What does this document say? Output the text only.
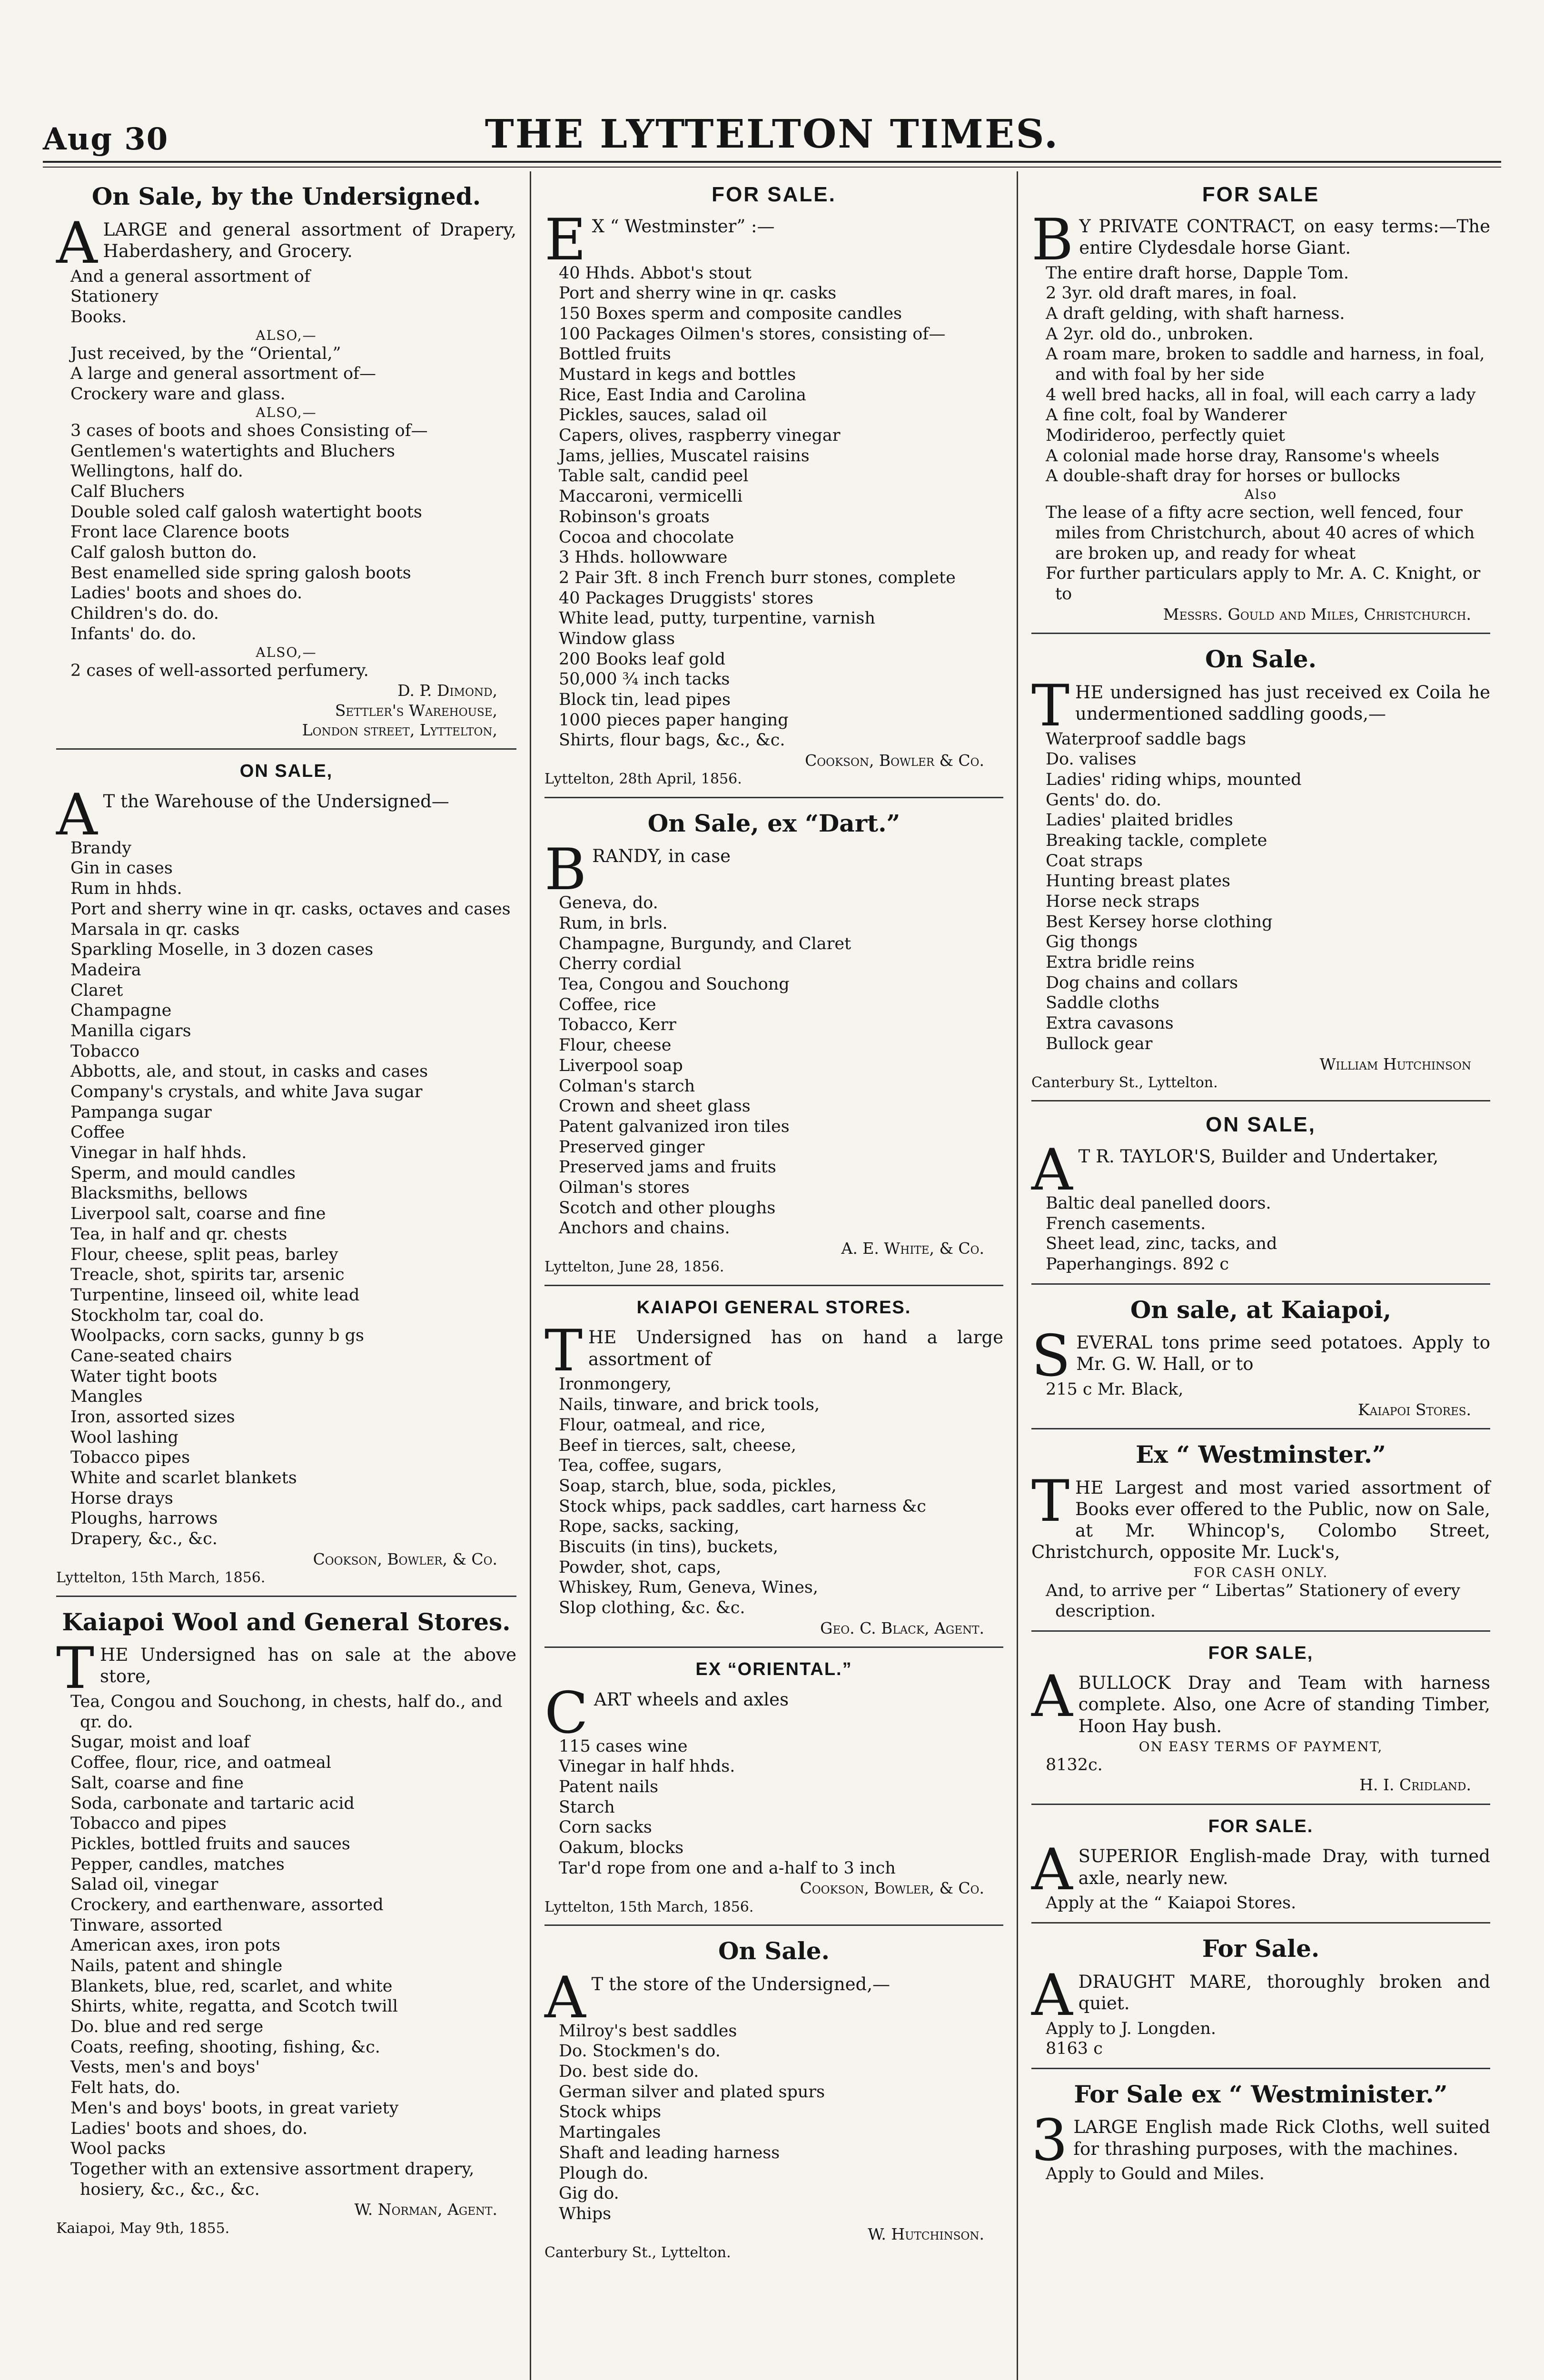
Aug 30	THE LYTTELTON TIMES.
On Sale, by the Undersigned.
ALARGE and general assortment of Drapery, Haberdashery, and Grocery.
And a general assortment of
Stationery
Books.
ALSO,—
Just received, by the “Oriental,”
A large and general assortment of—
Crockery ware and glass.
ALSO,—
3 cases of boots and shoes Consisting of—
Gentlemen's watertights and Bluchers
Wellingtons, half do.
Calf Bluchers
Double soled calf galosh watertight boots
Front lace Clarence boots
Calf galosh button do.
Best enamelled side spring galosh boots
Ladies' boots and shoes do.
Children's do. do.
Infants' do. do.
ALSO,—
2 cases of well-assorted perfumery.
D. P. Dimond,
Settler's Warehouse,
London street, Lyttelton,
ON SALE,
A T the Warehouse of the Undersigned—
Brandy
Gin in cases
Rum in hhds.
Port and sherry wine in qr. casks, octaves and cases
Marsala in qr. casks
Sparkling Moselle, in 3 dozen cases
Madeira
Claret
Champagne
Manilla cigars
Tobacco
Abbotts, ale, and stout, in casks and cases
Company's crystals, and white Java sugar
Pampanga sugar
Coffee
Vinegar in half hhds.
Sperm, and mould candles
Blacksmiths, bellows
Liverpool salt, coarse and fine
Tea, in half and qr. chests
Flour, cheese, split peas, barley
Treacle, shot, spirits tar, arsenic
Turpentine, linseed oil, white lead
Stockholm tar, coal do.
Woolpacks, corn sacks, gunny b gs
Cane-seated chairs
Water tight boots
Mangles
Iron, assorted sizes
Wool lashing
Tobacco pipes
White and scarlet blankets
Horse drays
Ploughs, harrows
Drapery, &c., &c.
Cookson, Bowler, & Co.
Lyttelton, 15th March, 1856.
Kaiapoi Wool and General Stores.
THE Undersigned has on sale at the above store,
Tea, Congou and Souchong, in chests, half do., and qr. do.
Sugar, moist and loaf
Coffee, flour, rice, and oatmeal
Salt, coarse and fine
Soda, carbonate and tartaric acid
Tobacco and pipes
Pickles, bottled fruits and sauces
Pepper, candles, matches
Salad oil, vinegar
Crockery, and earthenware, assorted
Tinware, assorted
American axes, iron pots
Nails, patent and shingle
Blankets, blue, red, scarlet, and white
Shirts, white, regatta, and Scotch twill
Do. blue and red serge
Coats, reefing, shooting, fishing, &c.
Vests, men's and boys'
Felt hats, do.
Men's and boys' boots, in great variety
Ladies' boots and shoes, do.
Wool packs
Together with an extensive assortment drapery, hosiery, &c., &c., &c.
W. Norman, Agent.
Kaiapoi, May 9th, 1855.
FOR SALE.
E X “ Westminster” :—
40 Hhds. Abbot's stout
Port and sherry wine in qr. casks
150 Boxes sperm and composite candles
100 Packages Oilmen's stores, consisting of—
Bottled fruits
Mustard in kegs and bottles
Rice, East India and Carolina
Pickles, sauces, salad oil
Capers, olives, raspberry vinegar
Jams, jellies, Muscatel raisins
Table salt, candid peel
Maccaroni, vermicelli
Robinson's groats
Cocoa and chocolate
3 Hhds. hollowware
2 Pair 3ft. 8 inch French burr stones, complete
40 Packages Druggists' stores
White lead, putty, turpentine, varnish
Window glass
200 Books leaf gold
50,000 ¾ inch tacks
Block tin, lead pipes
1000 pieces paper hanging
Shirts, flour bags, &c., &c.
Cookson, Bowler & Co.
Lyttelton, 28th April, 1856.
On Sale, ex “Dart.”
BRANDY, in case
Geneva, do.
Rum, in brls.
Champagne, Burgundy, and Claret
Cherry cordial
Tea, Congou and Souchong
Coffee, rice
Tobacco, Kerr
Flour, cheese
Liverpool soap
Colman's starch
Crown and sheet glass
Patent galvanized iron tiles
Preserved ginger
Preserved jams and fruits
Oilman's stores
Scotch and other ploughs
Anchors and chains.
A. E. White, & Co.
Lyttelton, June 28, 1856.
KAIAPOI GENERAL STORES.
THE Undersigned has on hand a large assortment of
Ironmongery,
Nails, tinware, and brick tools,
Flour, oatmeal, and rice,
Beef in tierces, salt, cheese,
Tea, coffee, sugars,
Soap, starch, blue, soda, pickles,
Stock whips, pack saddles, cart harness &c
Rope, sacks, sacking,
Biscuits (in tins), buckets,
Powder, shot, caps,
Whiskey, Rum, Geneva, Wines,
Slop clothing, &c. &c.
Geo. C. Black, Agent.
EX “ORIENTAL.”
CART wheels and axles
115 cases wine
Vinegar in half hhds.
Patent nails
Starch
Corn sacks
Oakum, blocks
Tar'd rope from one and a-half to 3 inch
Cookson, Bowler, & Co.
Lyttelton, 15th March, 1856.
On Sale.
A T the store of the Undersigned,—
Milroy's best saddles
Do. Stockmen's do.
Do. best side do.
German silver and plated spurs
Stock whips
Martingales
Shaft and leading harness
Plough do.
Gig do.
Whips
W. Hutchinson.
Canterbury St., Lyttelton.
FOR SALE
B Y PRIVATE CONTRACT, on easy terms:—The entire Clydesdale horse Giant.
The entire draft horse, Dapple Tom.
2 3yr. old draft mares, in foal.
A draft gelding, with shaft harness.
A 2yr. old do., unbroken.
A roam mare, broken to saddle and harness, in foal, and with foal by her side
4 well bred hacks, all in foal, will each carry a lady
A fine colt, foal by Wanderer
Modirideroo, perfectly quiet
A colonial made horse dray, Ransome's wheels
A double-shaft dray for horses or bullocks
Also
The lease of a fifty acre section, well fenced, four miles from Christchurch, about 40 acres of which are broken up, and ready for wheat
For further particulars apply to Mr. A. C. Knight, or to
Messrs. Gould and Miles, Christchurch.
On Sale.
THE undersigned has just received ex Coila he undermentioned saddling goods,—
Waterproof saddle bags
Do. valises
Ladies' riding whips, mounted
Gents' do. do.
Ladies' plaited bridles
Breaking tackle, complete
Coat straps
Hunting breast plates
Horse neck straps
Best Kersey horse clothing
Gig thongs
Extra bridle reins
Dog chains and collars
Saddle cloths
Extra cavasons
Bullock gear
William Hutchinson
Canterbury St., Lyttelton.
ON SALE,
A T R. TAYLOR'S, Builder and Undertaker,
Baltic deal panelled doors.
French casements.
Sheet lead, zinc, tacks, and
Paperhangings. 892 c
On sale, at Kaiapoi,
SEVERAL tons prime seed potatoes. Apply to Mr. G. W. Hall, or to
215 c Mr. Black,
Kaiapoi Stores.
Ex “ Westminster.”
THE Largest and most varied assortment of Books ever offered to the Public, now on Sale, at Mr. Whincop's, Colombo Street, Christchurch, opposite Mr. Luck's,
FOR CASH ONLY.
And, to arrive per “ Libertas” Stationery of every description.
FOR SALE,
ABULLOCK Dray and Team with harness complete. Also, one Acre of standing Timber, Hoon Hay bush.
ON EASY TERMS OF PAYMENT,
8132c.
H. I. Cridland.
FOR SALE.
ASUPERIOR English-made Dray, with turned axle, nearly new.
Apply at the “ Kaiapoi Stores.
For Sale.
ADRAUGHT MARE, thoroughly broken and quiet.
Apply to J. Longden.
8163 c
For Sale ex “ Westminister.”
3 LARGE English made Rick Cloths, well suited for thrashing purposes, with the machines.
Apply to Gould and Miles.
